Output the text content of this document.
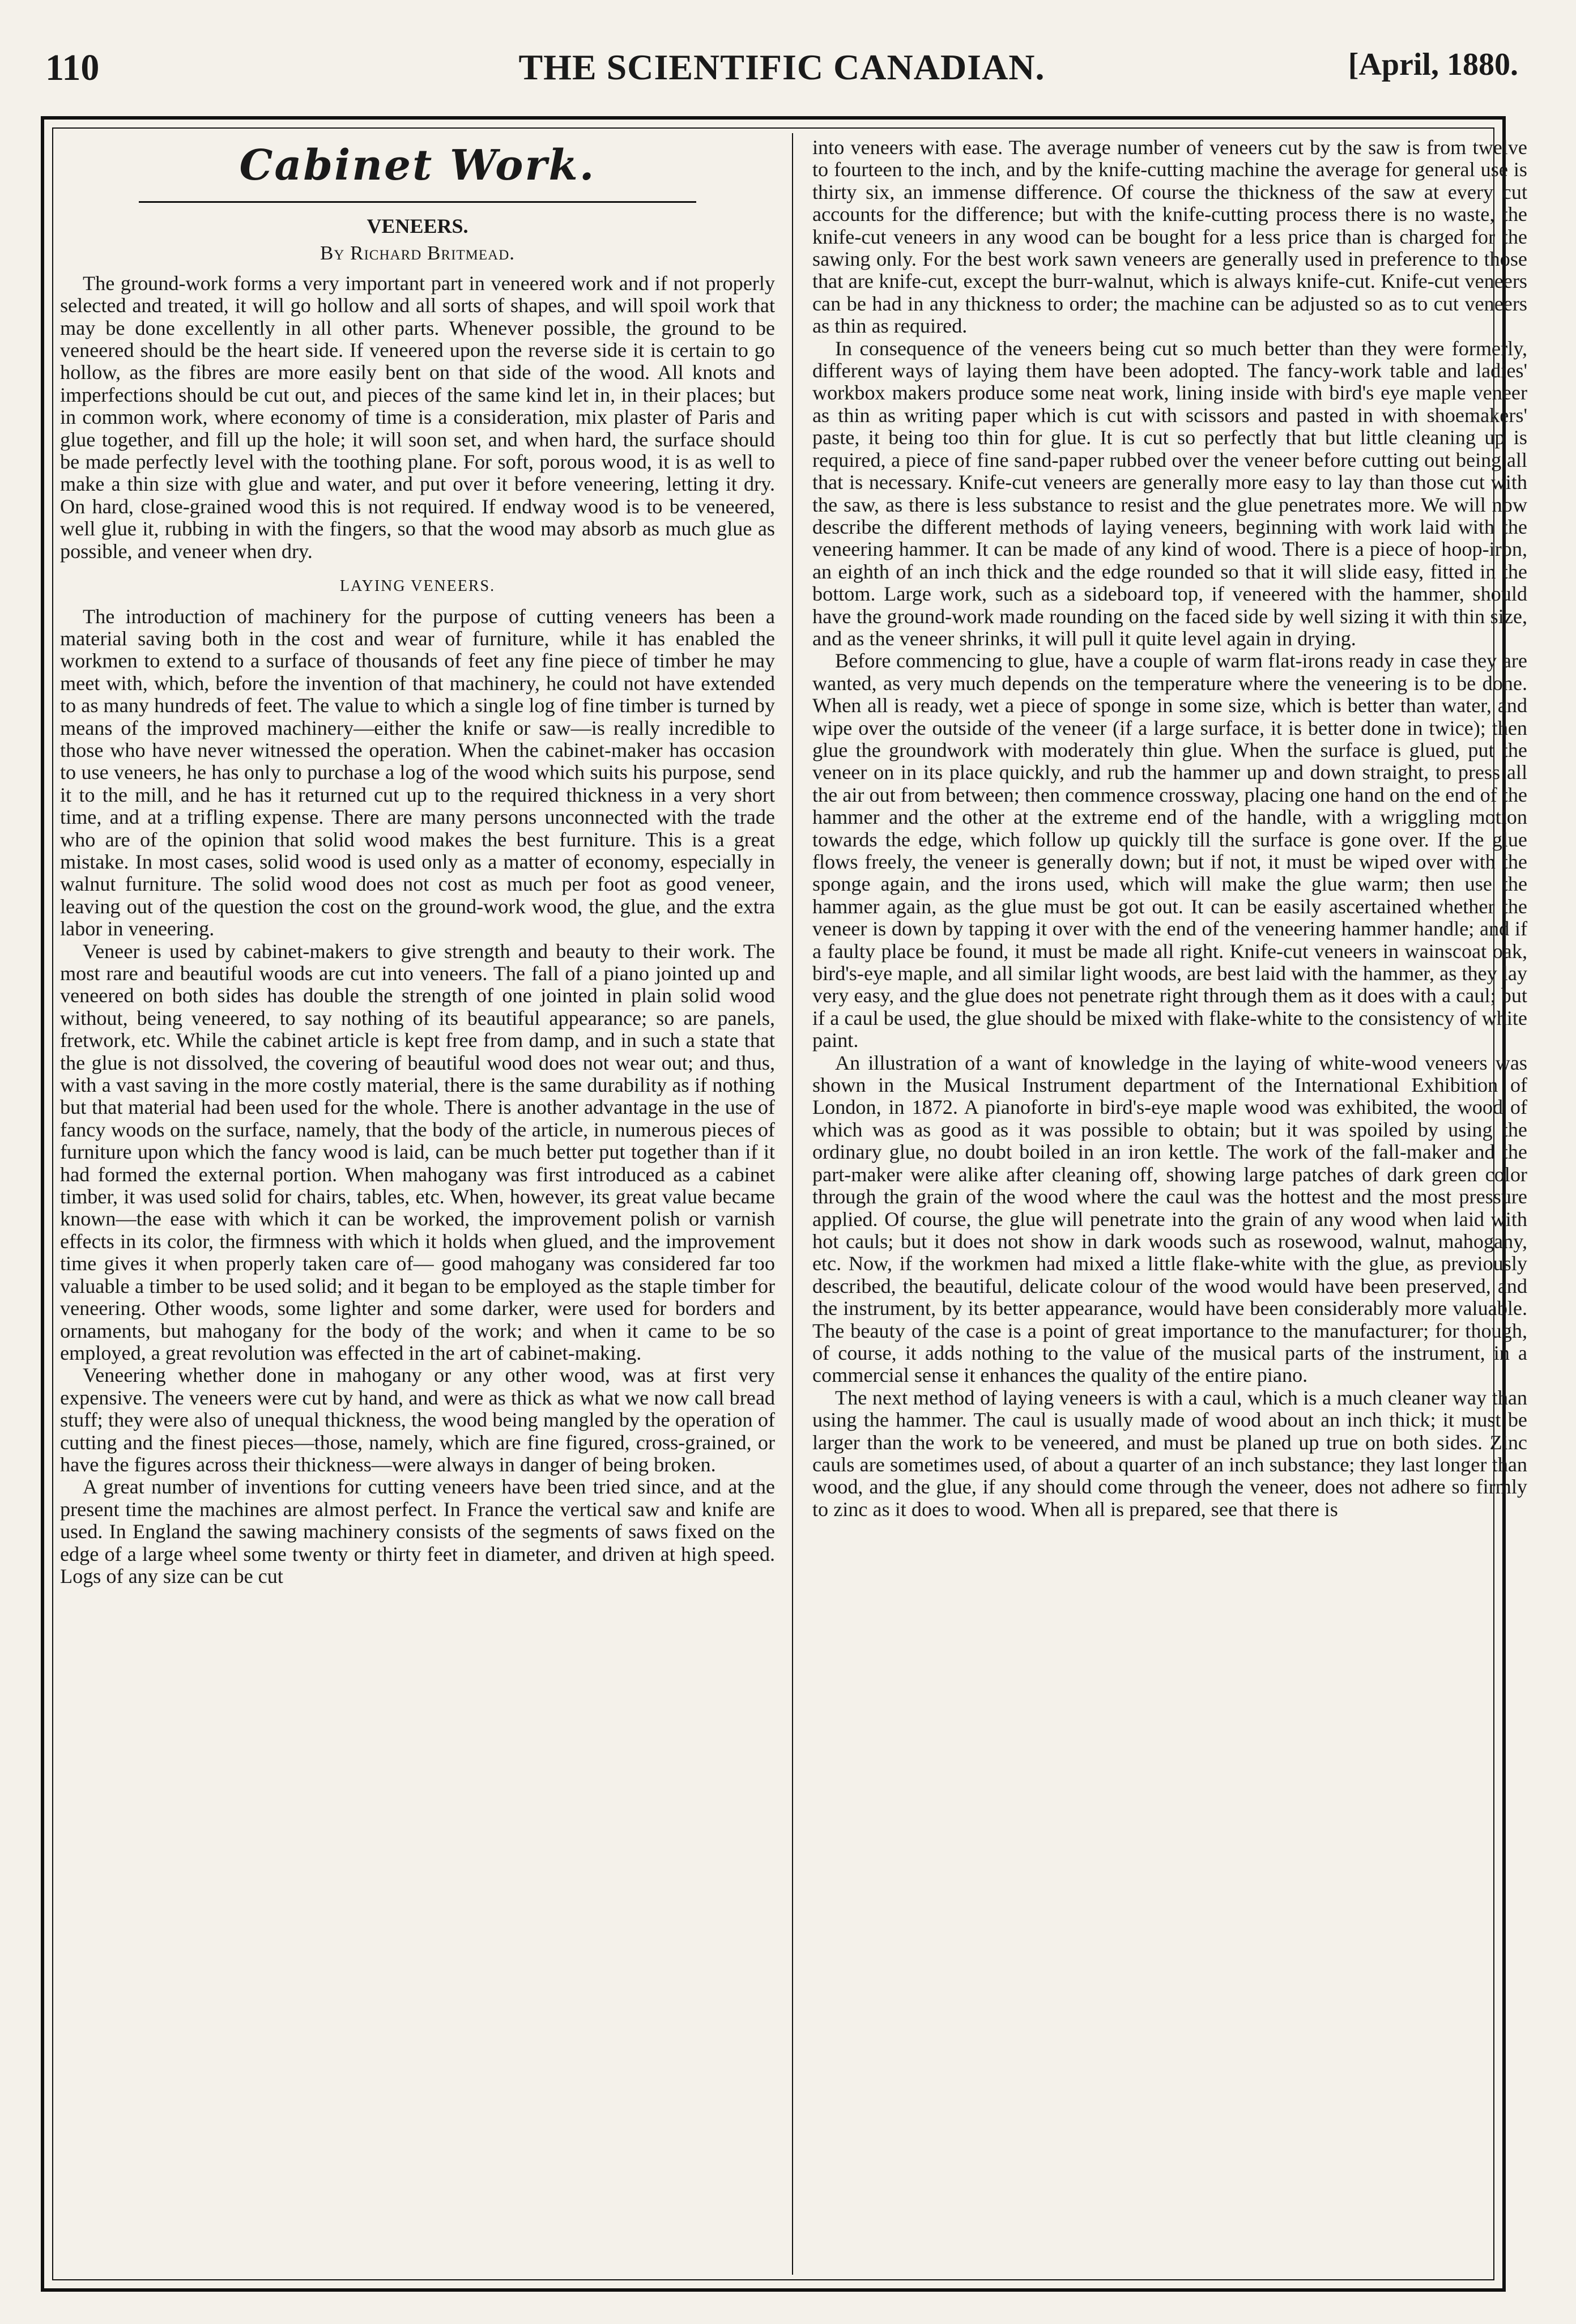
110	THE SCIENTIFIC CANADIAN.	[April, 1880.
Cabinet Work.
VENEERS.
By Richard Britmead.

The ground-work forms a very important part in veneered work and if not properly selected and treated, it will go hollow and all sorts of shapes, and will spoil work that may be done excellently in all other parts. Whenever possible, the ground to be veneered should be the heart side. If veneered upon the reverse side it is certain to go hollow, as the fibres are more easily bent on that side of the wood. All knots and imperfections should be cut out, and pieces of the same kind let in, in their places; but in common work, where economy of time is a consideration, mix plaster of Paris and glue together, and fill up the hole; it will soon set, and when hard, the surface should be made perfectly level with the toothing plane. For soft, porous wood, it is as well to make a thin size with glue and water, and put over it before veneering, letting it dry. On hard, close-grained wood this is not required. If endway wood is to be veneered, well glue it, rubbing in with the fingers, so that the wood may absorb as much glue as possible, and veneer when dry.

LAYING VENEERS.

The introduction of machinery for the purpose of cutting veneers has been a material saving both in the cost and wear of furniture, while it has enabled the workmen to extend to a surface of thousands of feet any fine piece of timber he may meet with, which, before the invention of that machinery, he could not have extended to as many hundreds of feet. The value to which a single log of fine timber is turned by means of the improved machinery—either the knife or saw—is really incredible to those who have never witnessed the operation. When the cabinet-maker has occasion to use veneers, he has only to purchase a log of the wood which suits his purpose, send it to the mill, and he has it returned cut up to the required thickness in a very short time, and at a trifling expense. There are many persons unconnected with the trade who are of the opinion that solid wood makes the best furniture. This is a great mistake. In most cases, solid wood is used only as a matter of economy, especially in walnut furniture. The solid wood does not cost as much per foot as good veneer, leaving out of the question the cost on the ground-work wood, the glue, and the extra labor in veneering.

Veneer is used by cabinet-makers to give strength and beauty to their work. The most rare and beautiful woods are cut into veneers. The fall of a piano jointed up and veneered on both sides has double the strength of one jointed in plain solid wood without, being veneered, to say nothing of its beautiful appearance; so are panels, fretwork, etc. While the cabinet article is kept free from damp, and in such a state that the glue is not dissolved, the covering of beautiful wood does not wear out; and thus, with a vast saving in the more costly material, there is the same durability as if nothing but that material had been used for the whole. There is another advantage in the use of fancy woods on the surface, namely, that the body of the article, in numerous pieces of furniture upon which the fancy wood is laid, can be much better put together than if it had formed the external portion. When mahogany was first introduced as a cabinet timber, it was used solid for chairs, tables, etc. When, however, its great value became known—the ease with which it can be worked, the improvement polish or varnish effects in its color, the firmness with which it holds when glued, and the improvement time gives it when properly taken care of— good mahogany was considered far too valuable a timber to be used solid; and it began to be employed as the staple timber for veneering. Other woods, some lighter and some darker, were used for borders and ornaments, but mahogany for the body of the work; and when it came to be so employed, a great revolution was effected in the art of cabinet-making.

Veneering whether done in mahogany or any other wood, was at first very expensive. The veneers were cut by hand, and were as thick as what we now call bread stuff; they were also of unequal thickness, the wood being mangled by the operation of cutting and the finest pieces—those, namely, which are fine figured, cross-grained, or have the figures across their thickness—were always in danger of being broken.

A great number of inventions for cutting veneers have been tried since, and at the present time the machines are almost perfect. In France the vertical saw and knife are used. In England the sawing machinery consists of the segments of saws fixed on the edge of a large wheel some twenty or thirty feet in diameter, and driven at high speed. Logs of any size can be cut

into veneers with ease. The average number of veneers cut by the saw is from twelve to fourteen to the inch, and by the knife-cutting machine the average for general use is thirty six, an immense difference. Of course the thickness of the saw at every cut accounts for the difference; but with the knife-cutting process there is no waste, the knife-cut veneers in any wood can be bought for a less price than is charged for the sawing only. For the best work sawn veneers are generally used in preference to those that are knife-cut, except the burr-walnut, which is always knife-cut. Knife-cut veneers can be had in any thickness to order; the machine can be adjusted so as to cut veneers as thin as required.

In consequence of the veneers being cut so much better than they were formerly, different ways of laying them have been adopted. The fancy-work table and ladies' workbox makers produce some neat work, lining inside with bird's eye maple veneer as thin as writing paper which is cut with scissors and pasted in with shoemakers' paste, it being too thin for glue. It is cut so perfectly that but little cleaning up is required, a piece of fine sand-paper rubbed over the veneer before cutting out being all that is necessary. Knife-cut veneers are generally more easy to lay than those cut with the saw, as there is less substance to resist and the glue penetrates more. We will now describe the different methods of laying veneers, beginning with work laid with the veneering hammer. It can be made of any kind of wood. There is a piece of hoop-iron, an eighth of an inch thick and the edge rounded so that it will slide easy, fitted in the bottom. Large work, such as a sideboard top, if veneered with the hammer, should have the ground-work made rounding on the faced side by well sizing it with thin size, and as the veneer shrinks, it will pull it quite level again in drying.

Before commencing to glue, have a couple of warm flat-irons ready in case they are wanted, as very much depends on the temperature where the veneering is to be done. When all is ready, wet a piece of sponge in some size, which is better than water, and wipe over the outside of the veneer (if a large surface, it is better done in twice); then glue the groundwork with moderately thin glue. When the surface is glued, put the veneer on in its place quickly, and rub the hammer up and down straight, to press all the air out from between; then commence crossway, placing one hand on the end of the hammer and the other at the extreme end of the handle, with a wriggling motion towards the edge, which follow up quickly till the surface is gone over. If the glue flows freely, the veneer is generally down; but if not, it must be wiped over with the sponge again, and the irons used, which will make the glue warm; then use the hammer again, as the glue must be got out. It can be easily ascertained whether the veneer is down by tapping it over with the end of the veneering hammer handle; and if a faulty place be found, it must be made all right. Knife-cut veneers in wainscoat oak, bird's-eye maple, and all similar light woods, are best laid with the hammer, as they lay very easy, and the glue does not penetrate right through them as it does with a caul; but if a caul be used, the glue should be mixed with flake-white to the consistency of white paint.

An illustration of a want of knowledge in the laying of white-wood veneers was shown in the Musical Instrument department of the International Exhibition of London, in 1872. A pianoforte in bird's-eye maple wood was exhibited, the wood of which was as good as it was possible to obtain; but it was spoiled by using the ordinary glue, no doubt boiled in an iron kettle. The work of the fall-maker and the part-maker were alike after cleaning off, showing large patches of dark green color through the grain of the wood where the caul was the hottest and the most pressure applied. Of course, the glue will penetrate into the grain of any wood when laid with hot cauls; but it does not show in dark woods such as rosewood, walnut, mahogany, etc. Now, if the workmen had mixed a little flake-white with the glue, as previously described, the beautiful, delicate colour of the wood would have been preserved, and the instrument, by its better appearance, would have been considerably more valuable. The beauty of the case is a point of great importance to the manufacturer; for though, of course, it adds nothing to the value of the musical parts of the instrument, in a commercial sense it enhances the quality of the entire piano.

The next method of laying veneers is with a caul, which is a much cleaner way than using the hammer. The caul is usually made of wood about an inch thick; it must be larger than the work to be veneered, and must be planed up true on both sides. Zinc cauls are sometimes used, of about a quarter of an inch substance; they last longer than wood, and the glue, if any should come through the veneer, does not adhere so firmly to zinc as it does to wood. When all is prepared, see that there is
